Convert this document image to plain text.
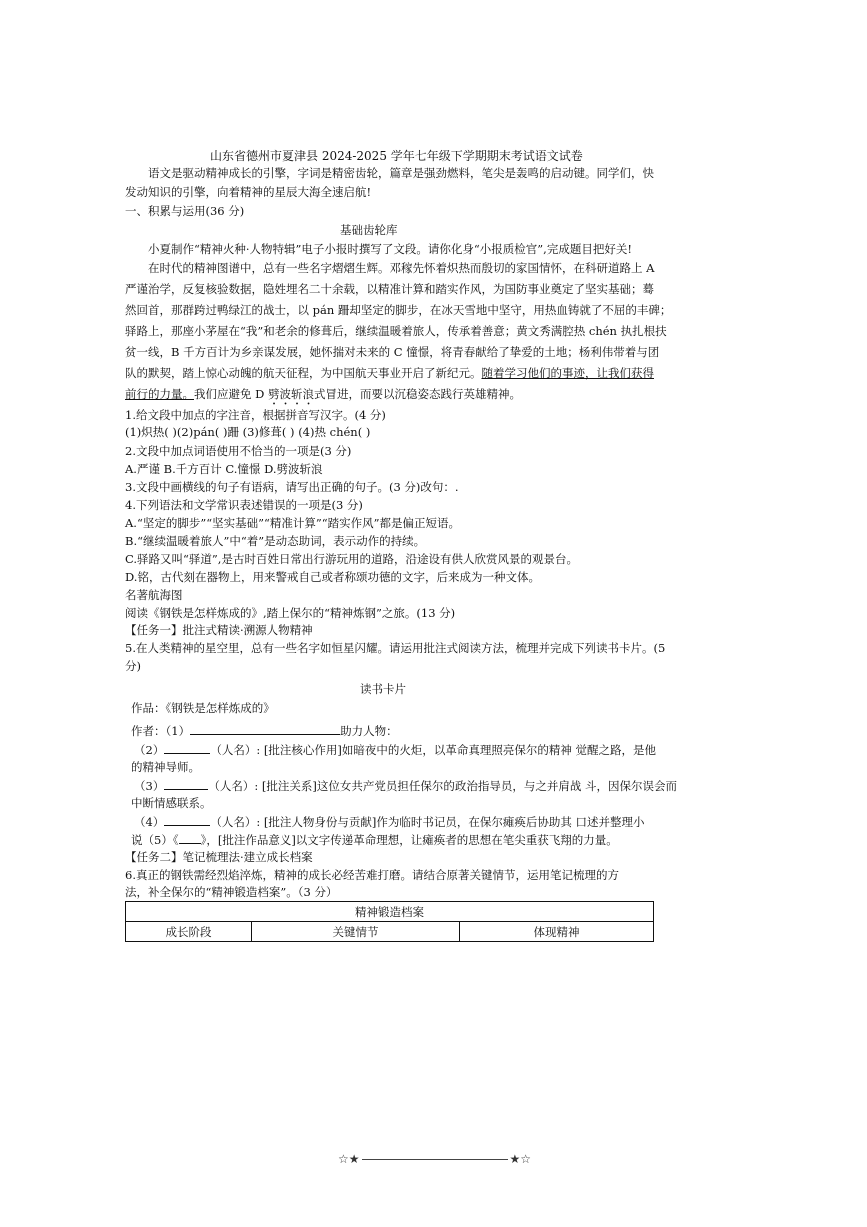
山东省德州市夏津县 2024-2025 学年七年级下学期期末考试语文试卷
语文是驱动精神成长的引擎，字词是精密齿轮，篇章是强劲燃料，笔尖是轰鸣的启动键。同学们，快
发动知识的引擎，向着精神的星辰大海全速启航!
一、积累与运用(36 分)
基础齿轮库
小夏制作“精神火种·人物特辑”电子小报时撰写了文段。请你化身“小报质检官”,完成题目把好关!
在时代的精神图谱中，总有一些名字熠熠生辉。邓稼先怀着炽热而殷切的家国情怀，在科研道路上 A
严谨治学，反复核验数据，隐姓埋名二十余载，以精准计算和踏实作风，为国防事业奠定了坚实基础；蓦
然回首，那群跨过鸭绿江的战士，以 pán 跚却坚定的脚步，在冰天雪地中坚守，用热血铸就了不屈的丰碑；
驿路上，那座小茅屋在“我”和老余的修葺后，继续温暖着旅人，传承着善意；黄文秀满腔热 chén 执扎根扶
贫一线，B 千方百计为乡亲谋发展，她怀揣对未来的 C 憧憬，将青春献给了挚爱的土地；杨利伟带着与团
队的默契，踏上惊心动魄的航天征程，为中国航天事业开启了新纪元。随着学习他们的事迹，让我们获得
前行的力量。我们应避免 D 劈波斩浪式冒进，而要以沉稳姿态践行英雄精神。
1.给文段中加点的字注音，根据拼音写汉字。(4 分)
(1)炽热( )(2)pán( )跚 (3)修葺( ) (4)热 chén( )
2.文段中加点词语使用不恰当的一项是(3 分)
A.严谨 B.千方百计 C.憧憬 D.劈波斩浪
3.文段中画横线的句子有语病，请写出正确的句子。(3 分)改句：.
4.下列语法和文学常识表述错误的一项是(3 分)
A.“坚定的脚步”“坚实基础”“精准计算”“踏实作风”都是偏正短语。
B.“继续温暖着旅人”中“着”是动态助词，表示动作的持续。
C.驿路又叫“驿道”,是古时百姓日常出行游玩用的道路，沿途设有供人欣赏风景的观景台。
D.铭，古代刻在器物上，用来警戒自己或者称颂功德的文字，后来成为一种文体。
名著航海图
阅读《钢铁是怎样炼成的》,踏上保尔的“精神炼钢”之旅。(13 分)
【任务一】批注式精读·溯源人物精神
5.在人类精神的星空里，总有一些名字如恒星闪耀。请运用批注式阅读方法，梳理并完成下列读书卡片。(5
分)
读书卡片
作品：《钢铁是怎样炼成的》
作者：（1）	助力人物：
（2）	（人名）: [批注核心作用]如暗夜中的火炬，以革命真理照亮保尔的精神 觉醒之路，是他
的精神导师。
（3）	（人名）: [批注关系]这位女共产党员担任保尔的政治指导员，与之并肩战 斗，因保尔误会而
中断情感联系。
（4）	（人名）: [批注人物身份与贡献]作为临时书记员，在保尔瘫痪后协助其 口述并整理小
说（5）《 》，[批注作品意义]以文字传递革命理想，让瘫痪者的思想在笔尖重获飞翔的力量。
【任务二】笔记梳理法·建立成长档案
6.真正的钢铁需经烈焰淬炼，精神的成长必经苦难打磨。请结合原著关键情节，运用笔记梳理的方
法，补全保尔的“精神锻造档案”。（3 分）
精神锻造档案
成长阶段	关键情节	体现精神
☆★	★☆
